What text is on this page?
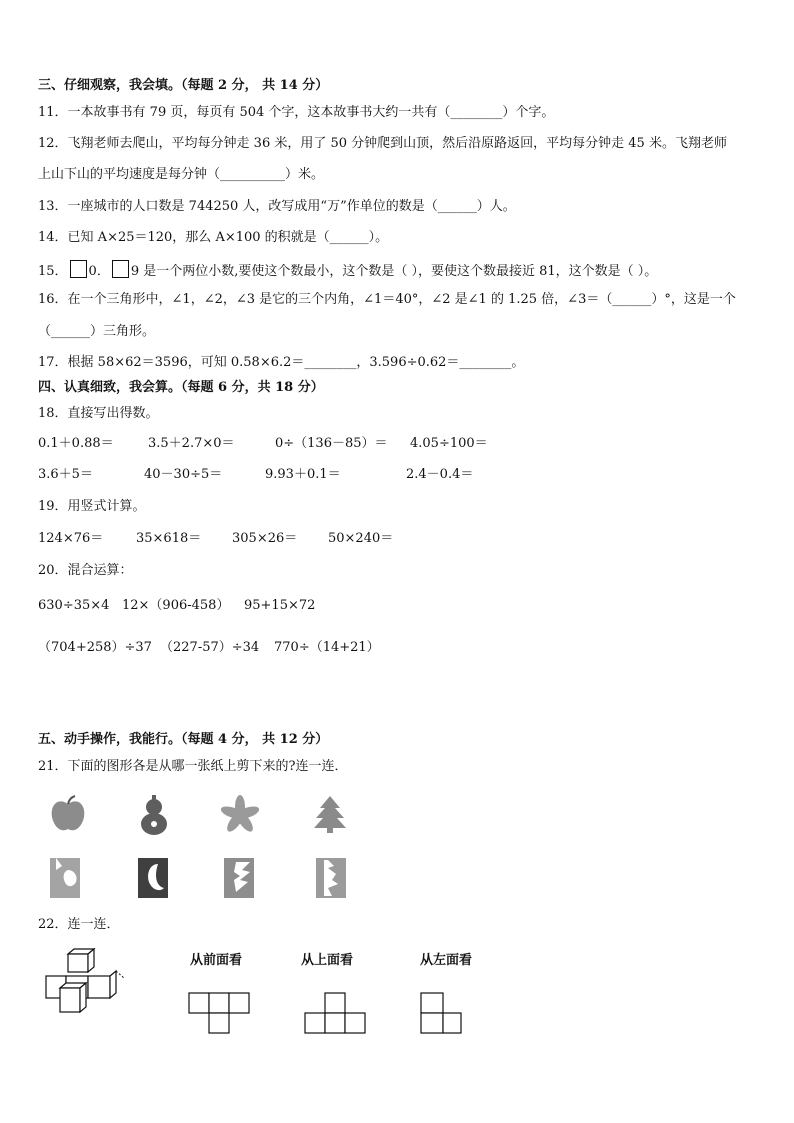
三、仔细观察，我会填。（每题 2 分， 共 14 分）
11．一本故事书有 79 页，每页有 504 个字，这本故事书大约一共有（________）个字。
12．飞翔老师去爬山，平均每分钟走 36 米，用了 50 分钟爬到山顶，然后沿原路返回，平均每分钟走 45 米。飞翔老师
上山下山的平均速度是每分钟（__________）米。
13．一座城市的人口数是 744250 人，改写成用“万”作单位的数是（______）人。
14．已知 A×25＝120，那么 A×100 的积就是（______）。
15． 0． 9 是一个两位小数,要使这个数最小，这个数是（ ），要使这个数最接近 81，这个数是（ ）。
16．在一个三角形中，∠1，∠2，∠3 是它的三个内角，∠1＝40°，∠2 是∠1 的 1.25 倍，∠3＝（______）°，这是一个
（______）三角形。
17．根据 58×62＝3596，可知 0.58×6.2＝________，3.596÷0.62＝________。
四、认真细致，我会算。（每题 6 分，共 18 分）
18．直接写出得数。
0.1＋0.88＝	3.5＋2.7×0＝	0÷（136－85）＝ 4.05÷100＝
3.6＋5＝	40－30÷5＝	9.93＋0.1＝	2.4－0.4＝
19．用竖式计算。
124×76＝	35×618＝ 305×26＝ 50×240＝
20．混合运算：
630÷35×4 12×（906-458） 95+15×72
（704+258）÷37 （227-57）÷34 770÷（14+21）
五、动手操作，我能行。（每题 4 分， 共 12 分）
21．下面的图形各是从哪一张纸上剪下来的?连一连．
22．连一连．
从前面看	从上面看	从左面看
